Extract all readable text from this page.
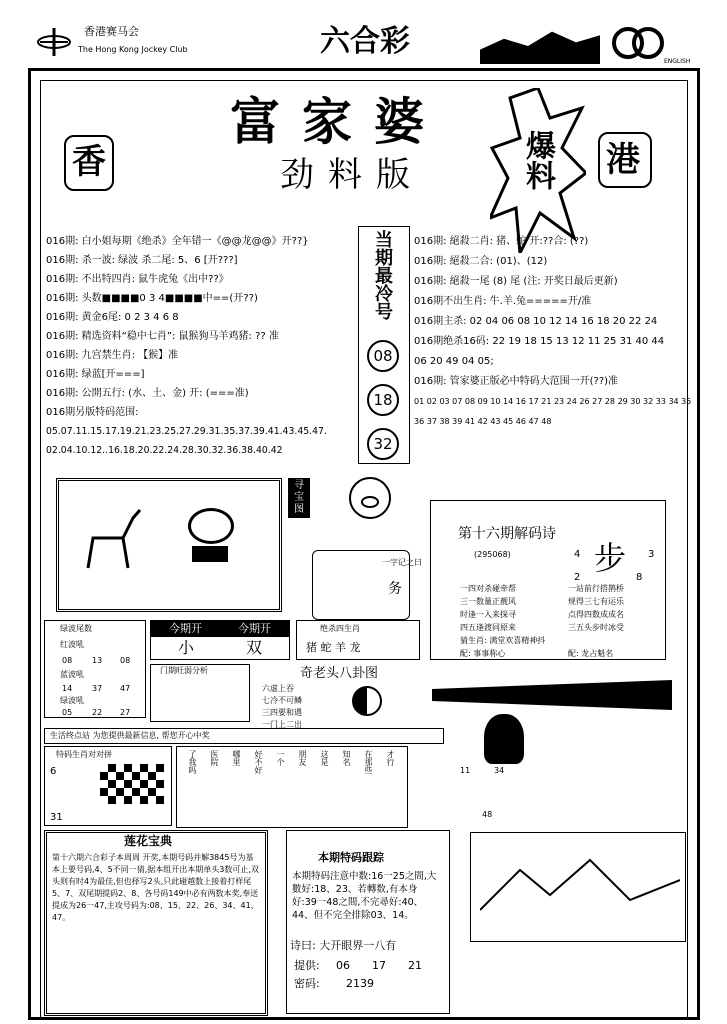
香港赛马会
The Hong Kong Jockey Club	六合彩
ENGLISH
香
富家婆
劲料版	港
爆料
016期: 白小姐每期《绝杀》全年错一《@@龙@@》开??}
016期: 杀一波: 绿波 杀二尾: 5、6 [开???]
016期: 不出特四肖: 鼠牛虎兔《出中??》
016期: 头数■■■■0 3 4■■■■中==(开??)
016期: 黄金6尾: 0 2 3 4 6 8
016期: 精选资料“稳中七肖”: 鼠猴狗马羊鸡猪: ?? 准
016期: 九宫禁生肖: 【猴】准
016期: 绿蓝[开===]
016期: 公開五行: (水、土、金) 开: (===准)
016期另版特码范围:
05.07.11.15.17.19.21.23.25.27.29.31.35.37.39.41.43.45.47.
02.04.10.12..16.18.20.22.24.28.30.32.36.38.40.42
当期最冷号
08
18
32
016期: 絕殺二肖: 猪、蛇 开:??合: (??)
016期: 絕殺二合: (01)、(12)
016期: 絕殺一尾 (8) 尾 (注: 开奖日最后更新)
016期不出生肖: 牛.羊.兔=====开/准
016期主杀: 02 04 06 08 10 12 14 16 18 20 22 24
016期绝杀16码: 22 19 18 15 13 12 11 25 31 40 44
06 20 49 04 05;
016期: 管家婆正版必中特码大范围一开(??)准
01 02 03 07 08 09 10 14 16 17 21 23 24 26 27 28 29 30 32 33 34 35
36 37 38 39 41 42 43 45 46 47 48
寻宝图
一字记之曰
务
第十六期解码诗
(295068)	步
4	3
2	8
一四对杀碰牵帮
三一数量正靓风
时逢一入来探寻
四五逢渡同原来
猜生肖: 满堂欢喜精神抖
配: 事事称心
一站前行搭鹊桥
规得三七有运乐
点得四数成成名
三五头步时冰受
配: 龙占魁名
绿波尾数
红波吼
08 13 08
蓝波吼
14 37 47
绿波吼
05 22 27
今期开	今期开
小	双
绝杀四生肖
猪 蛇 羊 龙
门期旺弱分析	奇老头八卦图
六虚上吞
七冷不可鳞
三四要和遇
一门上二出
生活终点站 为您提供最新信息, 帮您开心中奖
特码生肖对对拼
6
31
了我吗 医院 哪里 好不好 一个 朋友 这是 知名 在那些 才行
11	34
48
莲花宝典
第十六期六合彩子本周周 开奖,本期号码并解3845号为基本上要号码,4、5不同一猜,据本组开出本期单头3数可止,双头则有时4为最佳,但也择写2头,只此碰越数上接着打样尾5、7、双尾期提码2、8、各号码149中必有两数本奖,奉送提成为26一47,主攻号码为:08、15、22、26、34、41、47。
本期特码跟踪
本期特码注意中数:16一25之間,大數好:18、23、若轉数,有本身好:39一48之間,不完尋好:40、44、但不完全排除03、14。
诗曰: 大开眼界一八有
提供: 06 17 21
密码: 2139
